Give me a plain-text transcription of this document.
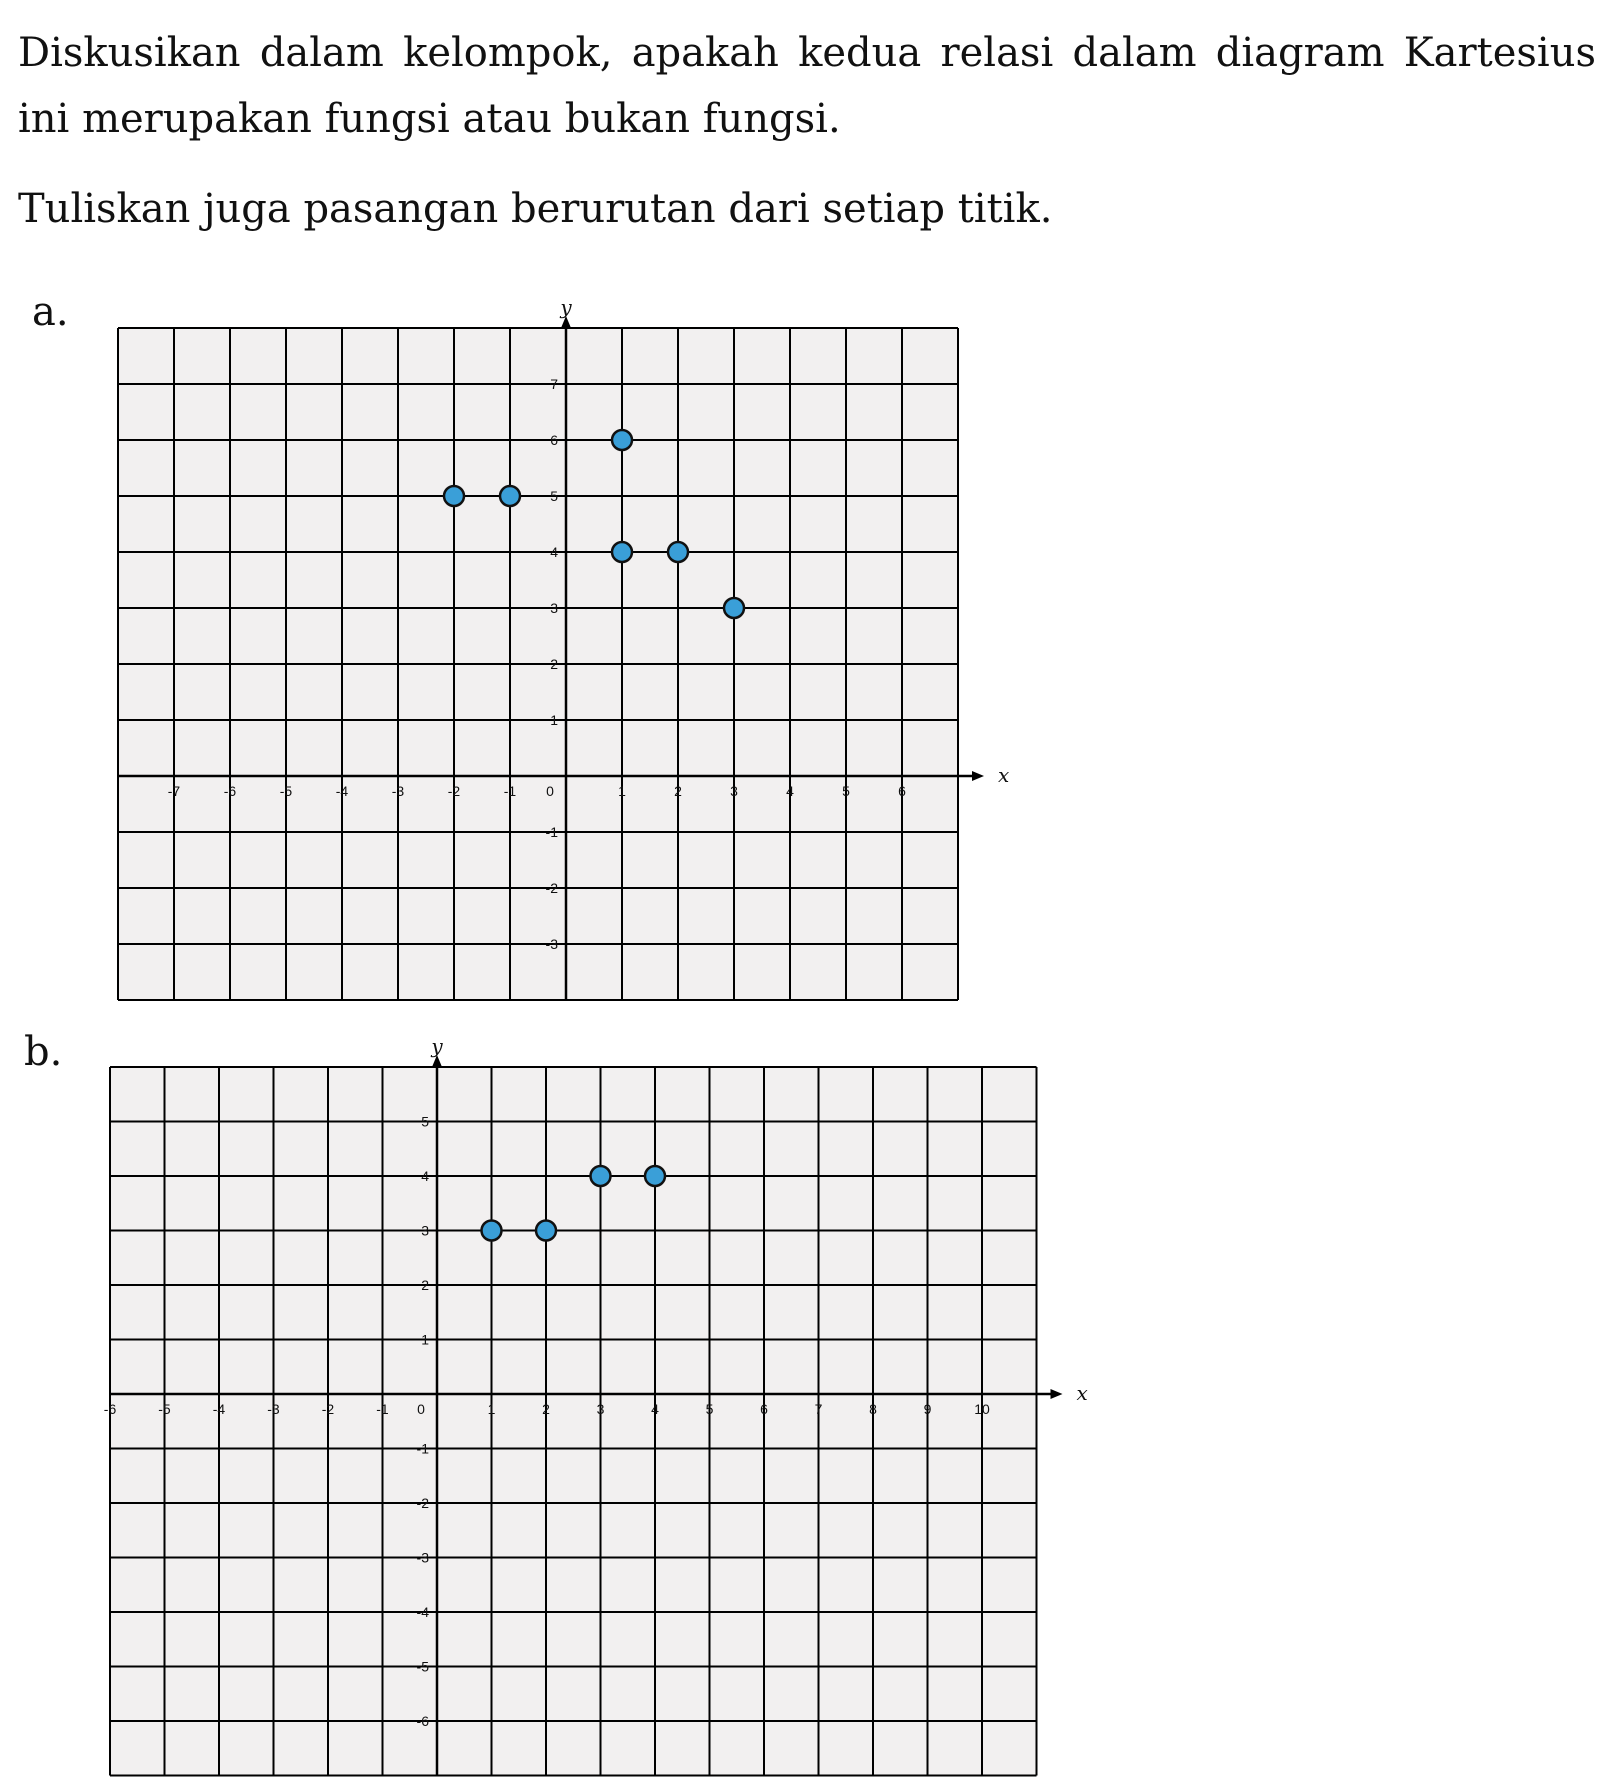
Diskusikan dalam kelompok, apakah kedua relasi dalam diagram Kartesius ini merupakan fungsi atau bukan fungsi.

Tuliskan juga pasangan berurutan dari setiap titik.

a.
-7	-6	-5	-4	-3	-2	-1	1	2	3	4	5	6
7
6
5
4
3
2
1
-1
-2
-3
0
x
y
b.
-6	-5	-4	-3	-2	-1	1	2	3	4	5	6	7	8	9	10
5
4
3
2
1
-1
-2
-3
-4
-5
-6
0
x
y
